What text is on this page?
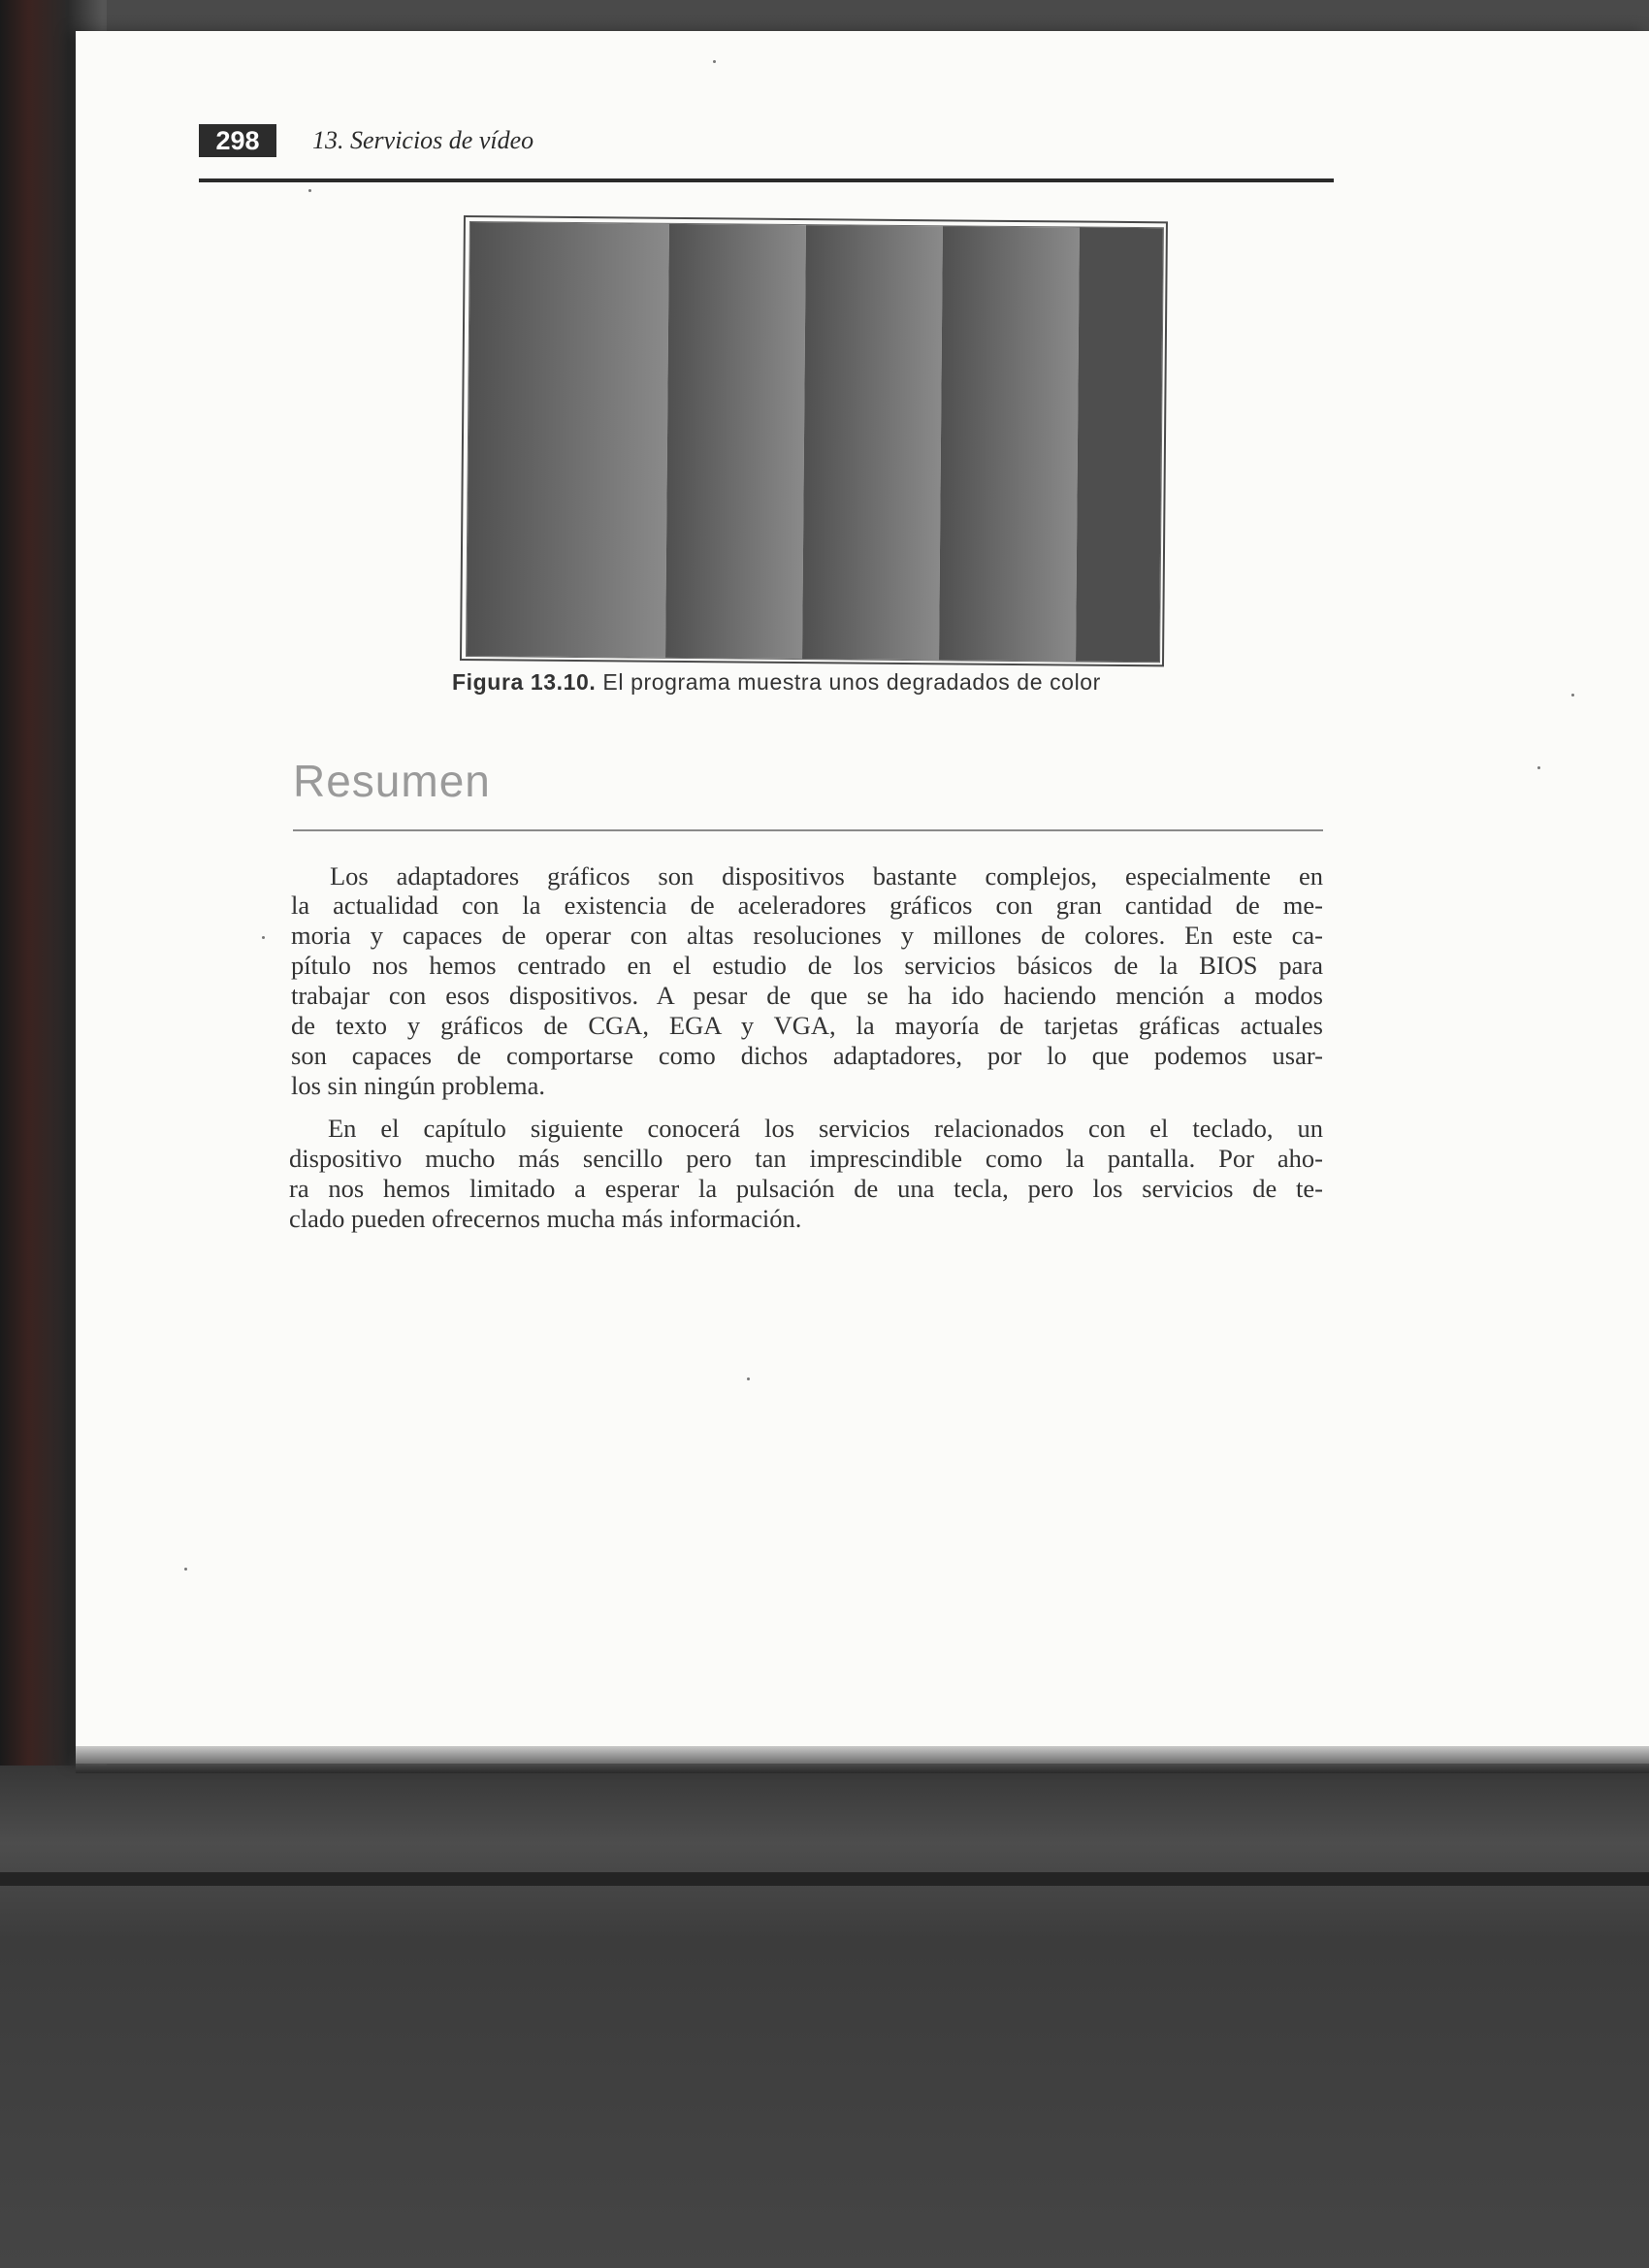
298	13. Servicios de vídeo
Figura 13.10. El programa muestra unos degradados de color
Resumen
Los adaptadores gráficos son dispositivos bastante complejos, especialmente en
la actualidad con la existencia de aceleradores gráficos con gran cantidad de me-
moria y capaces de operar con altas resoluciones y millones de colores. En este ca-
pítulo nos hemos centrado en el estudio de los servicios básicos de la BIOS para
trabajar con esos dispositivos. A pesar de que se ha ido haciendo mención a modos
de texto y gráficos de CGA, EGA y VGA, la mayoría de tarjetas gráficas actuales
son capaces de comportarse como dichos adaptadores, por lo que podemos usar-
los sin ningún problema.
En el capítulo siguiente conocerá los servicios relacionados con el teclado, un
dispositivo mucho más sencillo pero tan imprescindible como la pantalla. Por aho-
ra nos hemos limitado a esperar la pulsación de una tecla, pero los servicios de te-
clado pueden ofrecernos mucha más información.
